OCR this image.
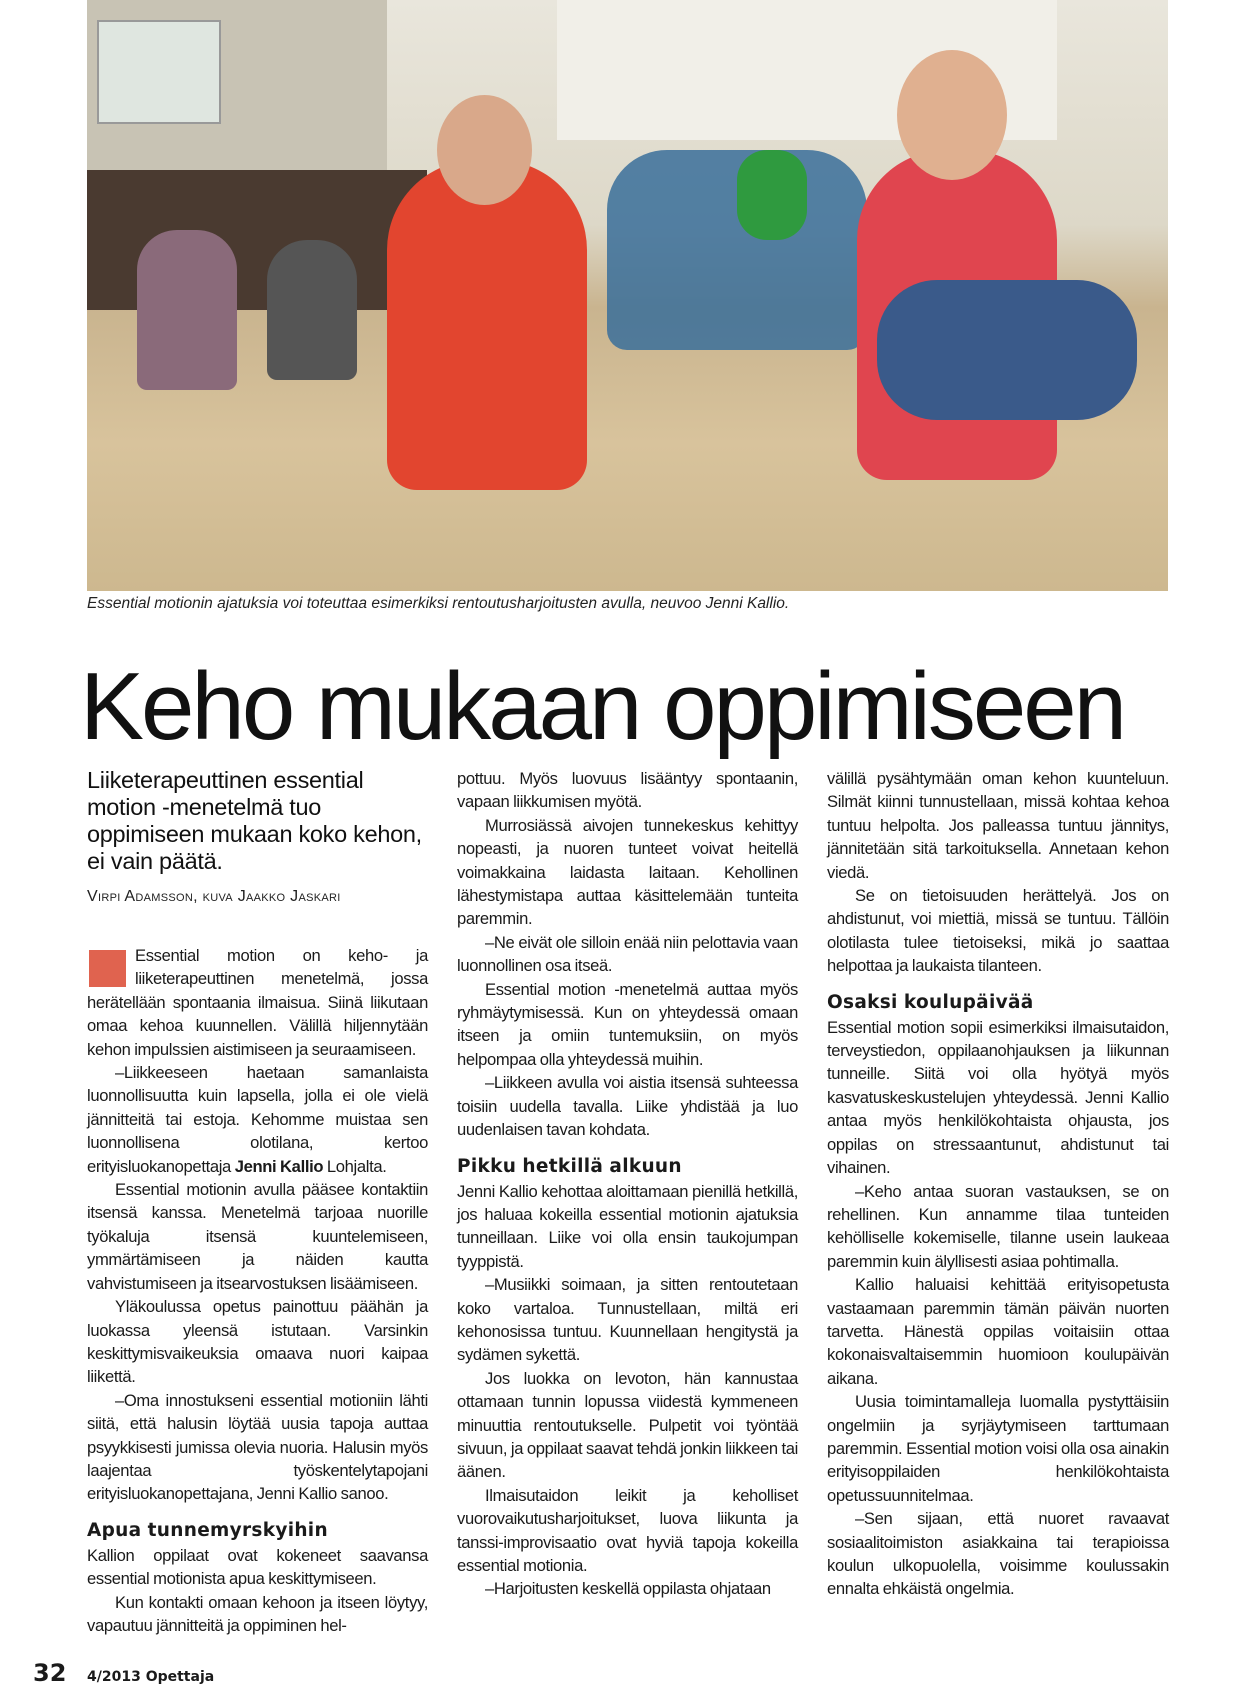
Essential motionin ajatuksia voi toteuttaa esimerkiksi rentoutusharjoitusten avulla, neuvoo Jenni Kallio.
Keho mukaan oppimiseen
Liiketerapeuttinen essential motion -menetelmä tuo oppimiseen mukaan koko kehon, ei vain päätä.
Virpi Adamsson, kuva Jaakko Jaskari

Essential motion on keho- ja liiketerapeuttinen menetelmä, jossa herätellään spontaania ilmaisua. Siinä liikutaan omaa kehoa kuunnellen. Välillä hiljennytään kehon impulssien aistimiseen ja seuraamiseen.

–Liikkeeseen haetaan samanlaista luonnollisuutta kuin lapsella, jolla ei ole vielä jännitteitä tai estoja. Kehomme muistaa sen luonnollisena olotilana, kertoo erityisluokanopettaja Jenni Kallio Lohjalta.

Essential motionin avulla pääsee kontaktiin itsensä kanssa. Menetelmä tarjoaa nuorille työkaluja itsensä kuuntelemiseen, ymmärtämiseen ja näiden kautta vahvistumiseen ja itsearvostuksen lisäämiseen.

Yläkoulussa opetus painottuu päähän ja luokassa yleensä istutaan. Varsinkin keskittymisvaikeuksia omaava nuori kaipaa liikettä.

–Oma innostukseni essential motioniin lähti siitä, että halusin löytää uusia tapoja auttaa psyykkisesti jumissa olevia nuoria. Halusin myös laajentaa työskentelytapojani erityisluokanopettajana, Jenni Kallio sanoo.

Apua tunnemyrskyihin

Kallion oppilaat ovat kokeneet saavansa essential motionista apua keskittymiseen.

Kun kontakti omaan kehoon ja itseen löytyy, vapautuu jännitteitä ja oppiminen hel-

pottuu. Myös luovuus lisääntyy spontaanin, vapaan liikkumisen myötä.

Murrosiässä aivojen tunnekeskus kehittyy nopeasti, ja nuoren tunteet voivat heitellä voimakkaina laidasta laitaan. Kehollinen lähestymistapa auttaa käsittelemään tunteita paremmin.

–Ne eivät ole silloin enää niin pelottavia vaan luonnollinen osa itseä.

Essential motion -menetelmä auttaa myös ryhmäytymisessä. Kun on yhteydessä omaan itseen ja omiin tuntemuksiin, on myös helpompaa olla yhteydessä muihin.

–Liikkeen avulla voi aistia itsensä suhteessa toisiin uudella tavalla. Liike yhdistää ja luo uudenlaisen tavan kohdata.

Pikku hetkillä alkuun

Jenni Kallio kehottaa aloittamaan pienillä hetkillä, jos haluaa kokeilla essential motionin ajatuksia tunneillaan. Liike voi olla ensin taukojumpan tyyppistä.

–Musiikki soimaan, ja sitten rentoutetaan koko vartaloa. Tunnustellaan, miltä eri kehonosissa tuntuu. Kuunnellaan hengitystä ja sydämen sykettä.

Jos luokka on levoton, hän kannustaa ottamaan tunnin lopussa viidestä kymmeneen minuuttia rentoutukselle. Pulpetit voi työntää sivuun, ja oppilaat saavat tehdä jonkin liikkeen tai äänen.

Ilmaisutaidon leikit ja keholliset vuorovaikutusharjoitukset, luova liikunta ja tanssi-improvisaatio ovat hyviä tapoja kokeilla essential motionia.

–Harjoitusten keskellä oppilasta ohjataan

välillä pysähtymään oman kehon kuunteluun. Silmät kiinni tunnustellaan, missä kohtaa kehoa tuntuu helpolta. Jos palleassa tuntuu jännitys, jännitetään sitä tarkoituksella. Annetaan kehon viedä.

Se on tietoisuuden herättelyä. Jos on ahdistunut, voi miettiä, missä se tuntuu. Tällöin olotilasta tulee tietoiseksi, mikä jo saattaa helpottaa ja laukaista tilanteen.

Osaksi koulupäivää

Essential motion sopii esimerkiksi ilmaisutaidon, terveystiedon, oppilaanohjauksen ja liikunnan tunneille. Siitä voi olla hyötyä myös kasvatuskeskustelujen yhteydessä. Jenni Kallio antaa myös henkilökohtaista ohjausta, jos oppilas on stressaantunut, ahdistunut tai vihainen.

–Keho antaa suoran vastauksen, se on rehellinen. Kun annamme tilaa tunteiden kehölliselle kokemiselle, tilanne usein laukeaa paremmin kuin älyllisesti asiaa pohtimalla.

Kallio haluaisi kehittää erityisopetusta vastaamaan paremmin tämän päivän nuorten tarvetta. Hänestä oppilas voitaisiin ottaa kokonaisvaltaisemmin huomioon koulupäivän aikana.

Uusia toimintamalleja luomalla pystyttäisiin ongelmiin ja syrjäytymiseen tarttumaan paremmin. Essential motion voisi olla osa ainakin erityisoppilaiden henkilökohtaista opetussuunnitelmaa.

–Sen sijaan, että nuoret ravaavat sosiaalitoimiston asiakkaina tai terapioissa koulun ulkopuolella, voisimme koulussakin ennalta ehkäistä ongelmia.

32	4/2013 Opettaja
